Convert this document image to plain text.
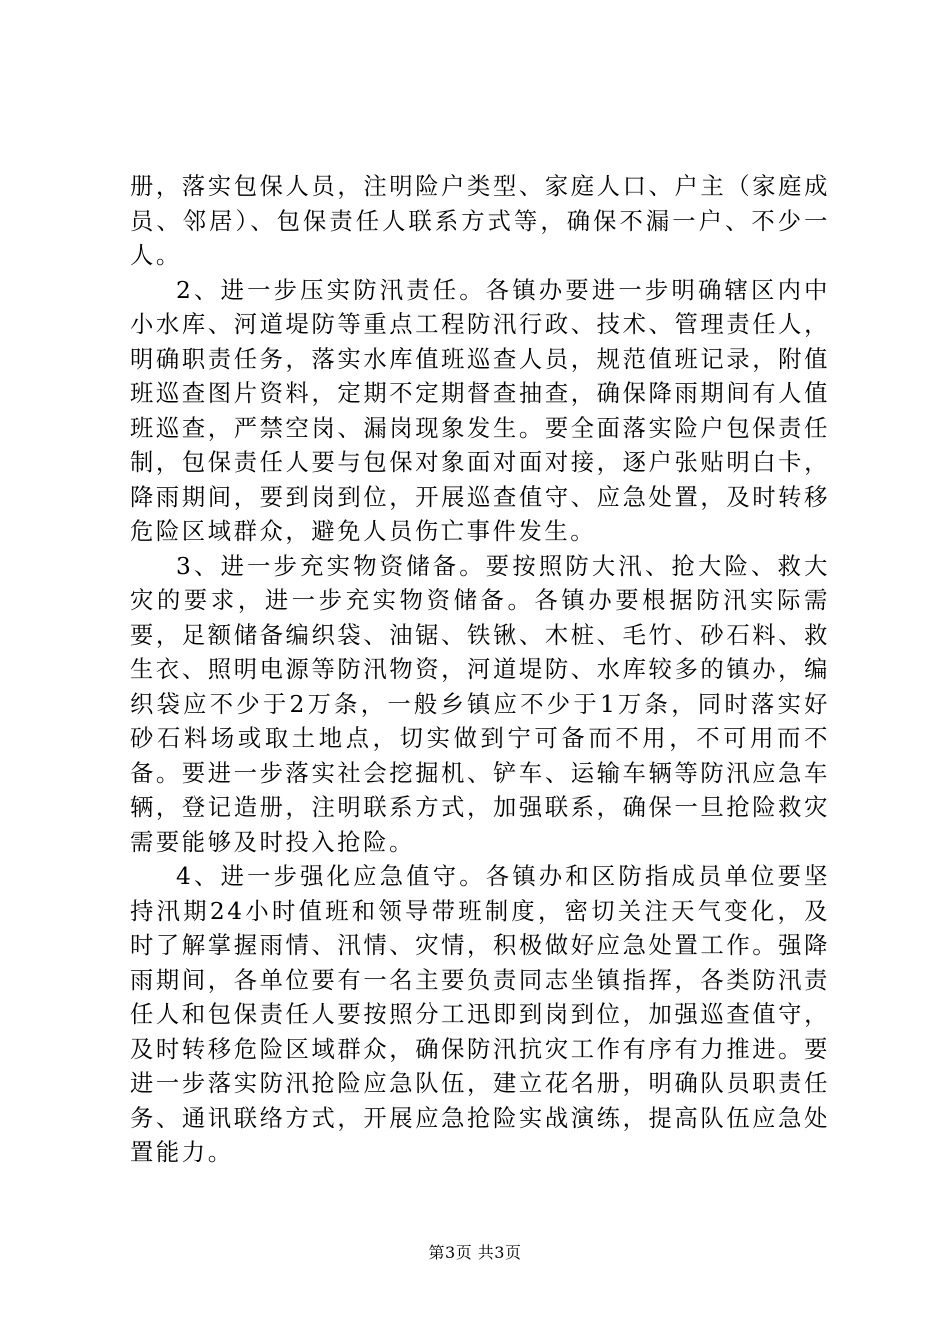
册，落实包保人员，注明险户类型、家庭人口、户主（家庭成员、邻居）、包保责任人联系方式等，确保不漏一户、不少一人。

2、进一步压实防汛责任。各镇办要进一步明确辖区内中小水库、河道堤防等重点工程防汛行政、技术、管理责任人，明确职责任务，落实水库值班巡查人员，规范值班记录，附值班巡查图片资料，定期不定期督查抽查，确保降雨期间有人值班巡查，严禁空岗、漏岗现象发生。要全面落实险户包保责任制，包保责任人要与包保对象面对面对接，逐户张贴明白卡，降雨期间，要到岗到位，开展巡查值守、应急处置，及时转移危险区域群众，避免人员伤亡事件发生。

3、进一步充实物资储备。要按照防大汛、抢大险、救大灾的要求，进一步充实物资储备。各镇办要根据防汛实际需要，足额储备编织袋、油锯、铁锹、木桩、毛竹、砂石料、救生衣、照明电源等防汛物资，河道堤防、水库较多的镇办，编织袋应不少于2万条，一般乡镇应不少于1万条，同时落实好砂石料场或取土地点，切实做到宁可备而不用，不可用而不备。要进一步落实社会挖掘机、铲车、运输车辆等防汛应急车辆，登记造册，注明联系方式，加强联系，确保一旦抢险救灾需要能够及时投入抢险。

4、进一步强化应急值守。各镇办和区防指成员单位要坚持汛期24小时值班和领导带班制度，密切关注天气变化，及时了解掌握雨情、汛情、灾情，积极做好应急处置工作。强降雨期间，各单位要有一名主要负责同志坐镇指挥，各类防汛责任人和包保责任人要按照分工迅即到岗到位，加强巡查值守，及时转移危险区域群众，确保防汛抗灾工作有序有力推进。要进一步落实防汛抢险应急队伍，建立花名册，明确队员职责任务、通讯联络方式，开展应急抢险实战演练，提高队伍应急处置能力。

第3页 共3页
